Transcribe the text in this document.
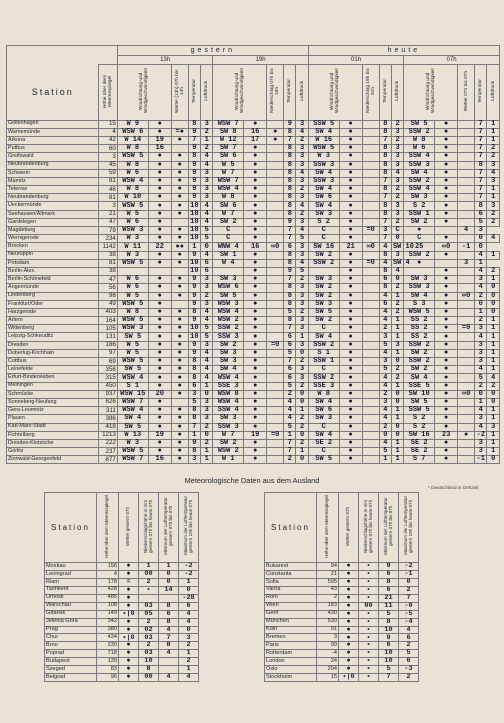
		gestern										heute									
		13h					19h					01h					07h				
Station	Höhe über dem Meeresspiegel	Windrichtung und Windgeschwindigkeit		Wetter (13h) 07h bis 13h	Temperatur	Luftdruck	Windrichtung und Windgeschwindigkeit		Niederschlag 07h bis 19h	Temperatur	Luftdruck	Windrichtung und Windgeschwindigkeit		Niederschlag 19h bis 01h	Temperatur	Luftdruck	Windrichtung und Windgeschwindigkeit		Wetter 07h bis 07h	Temperatur	Luftdruck
Gollenhagen	15	W 9	●		8	3	WSW 7	●		9	3	SSW 5	●		8	2	SW 5	●		7	1
Warnemünde	4	WSW 6	●	=●	9	2	SW 8	16	●	8	4	SW 4	●		8	3	SSW 2	●		7	1
Arkona	42	W 14	19	●	7	1	W 12	17	●	7	2	W 16	●		7	2	W 8	●		7	1
Putbus	60	W 8	16		9	2	SW 7	●		8	3	WSW 5	●		8	3	W 6	●		7	2
Greifswald	3	WSW 5	●	●	8	4	SW 6	●		8	3	W 3	●		8	3	SSW 4	●		7	2
Neubrandenburg	45	W 8	●	●	9	4	W 5	●		8	3	SSW 3	●		8	3	SSW 3	●		8	3
Schwerin	59	W 6	●	●	9	3	W 7	●		8	4	SW 4	●		8	4	SW 4	●		7	4
Marnitz	81	WSW 4	●	●	9	3	WSW 7	●		8	3	SSW 3	●		7	3	SSW 2	●		7	3
Teterow	46	W 8	●	●	9	3	WSW 4	●		8	2	SW 4	●		8	2	SSW 4	●		7	1
Neubrandenburg	81	W 10	●	●	9	3	W 8	●		8	3	SW 6	●		7	2	SW 3	●		7	1
Ueckermünde	3	WSW 5	●	●	10	4	SW 6	●		8	4	SW 4	●		8	3	S 2	●		8	3
Seehausen/Altmark	21	W 5	●	●	10	4	W 7	●		8	2	SW 3	●		8	3	SSW 1	●		6	2
Gardelegen	47	W 6	●		10	4	SW 2	●		9	3	S 2	●		7	2	SW 2	●		5	2
Magdeburg	79	WSW 3	●	●	10	5	C	●		7	4	C	●	=0	3	C	●		4	3	
Wernigerode	234	W 3	●	●	10	5	C	●		7	5	C	●		7	0	C	●		0	4
Brocken	1142	W 11	22	●●	1	0	WNW 4	16	∞0	6	3	SW 16	21	∞0	4	SW 10	25	∞0	-1	0	
Neuruppin	38	W 3	●	●	9	4	SW 1	●		8	3	SW 2	●		8	3	SSW 2	●		4	1
Potsdam	81	WSW 5	●	●	10	6	W 4	●		8	4	SSW 2	●	=0	4	SW 4	●		3	1	
Berlin-Alex.	38				10	6		●		9	5		●		8	4		●		4	2
Berlin-Schönefeld	47	W 6	●	●	9	3	SW 3	●		7	2	SW 3	●		6	0	SW 3	●		3	1
Angermünde	56	W 6	●	●	9	3	WSW 6	●		8	3	SW 2	●		8	2	SSW 3	●		4	0
Lindenberg	98	W 5	●	●	9	2	SW 5	●		8	3	SW 2	●		4	1	SW 4	●	∞0	2	0
Frankfurt/Oder	49	WSW 5	●		9	3	WSW 3	●		8	3	SW 3	●		6	2	S 3	●		0	0
Harzgerode	403	W 8	●	●	8	4	WSW 4	●		5	2	SW 5	●		4	2	WSW 5	●		1	0
Artern	164	WSW 5	●	●	9	4	WSW 2	●		8	3	SW 2	●		4	1	SS 2	●		2	1
Wittenberg	105	WSW 3	●	●	10	5	SSW 2	●		7	3	C	●		2	1	SS 2	●	=0	3	1
Leipzig-Schkeuditz	131	SW 5	●	●	10	5	SSW 3	●		6	1	SW 4	●		3	1	SS 2	●		4	1
Dresden	186	W 5	●	●	9	3	SW 2	●	=0	6	3	SSW 2	●		5	3	SSW 2	●		3	1
Doberlug-Kirchhain	97	W 5	●	●	9	4	SW 3	●		5	0	S 1	●		4	1	SW 2	●		3	1
Cottbus	69	WSW 5	●	●	8	4	SW 3	●		7	2	SSW 1	●		3	0	SSW 2	●		3	1
Leinefelde	356	SW 5	●	●	8	4	SW 4	●		6	3	C	●		5	2	SW 2	●		4	1
Erfurt-Bindersleben	315	WSW 4	●	●	8	4	WSW 4	●		6	3	SSW 2	●		4	2	SW 4	●		5	4
Meiningen	450	S 1	●	●	6	1	SSE 3	●		5	2	SSE 3	●		4	1	SSE 5	●		2	2
Schmücke	937	WSW 15	20	●	3	0	WSW 8	●		2	0	W 8	●		2	0	SW 10	●	∞0	0	0
Sonneberg-Neufang	626	WSW 7	●		5	3	WSW 4	●		4	0	SW 4	●		3	0	SW 5	●		1	0
Gera-Leumnitz	311	WSW 4	●	●	8	3	SSW 4	●		4	1	SW 6	●		4	1	SSW 5	●		4	1
Plauen	386	SW 4	●	●	8	3	SW 3	●		4	2	SW 3	●		4	1	S 2	●		3	1
Karl-Marx-Stadt	418	SW 5	●	●	7	2	SSW 3	●		5	2	C	●		2	0	S 2	●		4	3
Fichtelberg	1213	W 13	19	●	1	0	W 7	19	=0	1	0	SW 4	●		0	0	SW 16	23	●	-2	1
Dresden-Klotzsche	222	W 3	●	●	9	2	SW 2	●		7	2	SE 2	●		4	1	SE 2	●		3	1
Görlitz	237	WSW 5	●	●	8	1	WSW 2	●		7	1	C	●		5	1	SE 2	●		3	1
Zinnwald-Georgenfeld	877	WSW 7	16	●	3	1	W 1	●		2	0	SW 5	●		1	1	S 7	●		-1	0
Meteorologische Daten aus dem Ausland
* Deutschland in Ortszeit
Station	Höhe über dem Meeresspiegel	Wetter gestern 07h	Niederschlagshöhe in mm gestern 07h bis heute 07h	Minimum der Lufttemperatur gestern 07h bis 07h	Maximum der Lufttemperatur gestern 19h bis heute 07h
Moskau	156	●	1	1	-2
Leningrad	4	●	00	0	-2
Riam	178	=	2	0	1
Tashkent	428	●	•	14	0
Urhosk	485	●			-28
Warschau	108	●	03	8	6
Gdansk	149	•|0	05	6	4
Jelenia Gora	342	●	2	8	4
Prag	380	●	02	4	0
Chur	434	•|0	03	7	3
Brno	230	●	2	8	2
Poprad	718	●	03	4	1
Budapest	139	●	10		2
Szeged	83	●	8		1
Belgrad	96	●	00	4	4
Station	Höhe über dem Meeresspiegel	Wetter gestern 07h	Niederschlagshöhe in mm gestern 07h bis heute 07h	Minimum der Lufttemperatur gestern 07h bis 07h	Maximum der Lufttemperatur gestern 19h bis heute 07h
Bukarest	94	●	•	9	-2
Constanta	21	●	•	6	-1
Sofia	595	●	•	8	0
Varna	43	●	•	6	2
Rom	2	●	•	21	7
Wien	183	●	00	11	-0
Genf	430	●	•	5	-5
München	530	●	•	8	-4
Köln	91	●	•	10	4
Bremen	3	●	•	9	6
Paris	99	●	•	6	2
Rotterdam	-4	●	•	10	5
London	24	●	•	10	6
Oslo	204	●	•	5	-3
Stockholm	15	•|0	•	7	2
